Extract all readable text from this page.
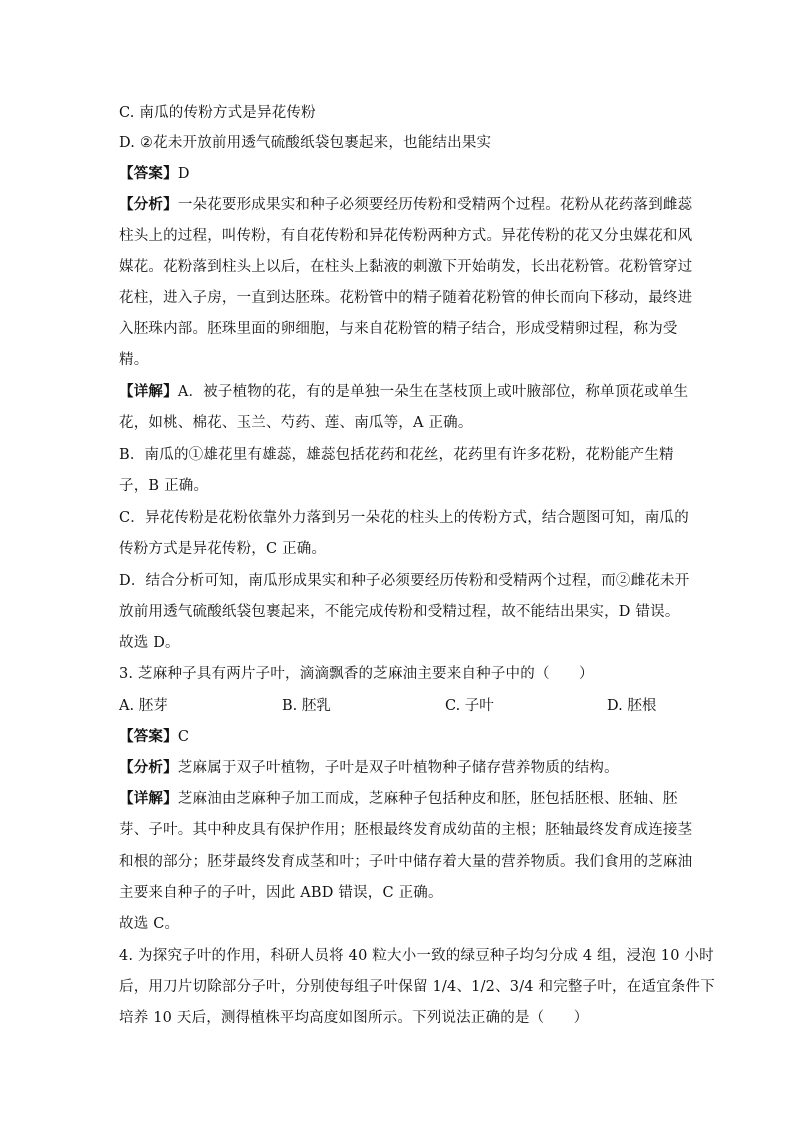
C. 南瓜的传粉方式是异花传粉
D. ②花未开放前用透气硫酸纸袋包裹起来，也能结出果实
【答案】D
【分析】一朵花要形成果实和种子必须要经历传粉和受精两个过程。花粉从花药落到雌蕊
柱头上的过程，叫传粉，有自花传粉和异花传粉两种方式。异花传粉的花又分虫媒花和风
媒花。花粉落到柱头上以后，在柱头上黏液的刺激下开始萌发，长出花粉管。花粉管穿过
花柱，进入子房，一直到达胚珠。花粉管中的精子随着花粉管的伸长而向下移动，最终进
入胚珠内部。胚珠里面的卵细胞，与来自花粉管的精子结合，形成受精卵过程，称为受
精。
【详解】A．被子植物的花，有的是单独一朵生在茎枝顶上或叶腋部位，称单顶花或单生
花，如桃、棉花、玉兰、芍药、莲、南瓜等，A 正确。
B．南瓜的①雄花里有雄蕊，雄蕊包括花药和花丝，花药里有许多花粉，花粉能产生精
子，B 正确。
C．异花传粉是花粉依靠外力落到另一朵花的柱头上的传粉方式，结合题图可知，南瓜的
传粉方式是异花传粉，C 正确。
D．结合分析可知，南瓜形成果实和种子必须要经历传粉和受精两个过程，而②雌花未开
放前用透气硫酸纸袋包裹起来，不能完成传粉和受精过程，故不能结出果实，D 错误。
故选 D。
3. 芝麻种子具有两片子叶，滴滴飘香的芝麻油主要来自种子中的（　　）
A. 胚芽	B. 胚乳	C. 子叶	D. 胚根
【答案】C
【分析】芝麻属于双子叶植物，子叶是双子叶植物种子储存营养物质的结构。
【详解】芝麻油由芝麻种子加工而成，芝麻种子包括种皮和胚，胚包括胚根、胚轴、胚
芽、子叶。其中种皮具有保护作用；胚根最终发育成幼苗的主根；胚轴最终发育成连接茎
和根的部分；胚芽最终发育成茎和叶；子叶中储存着大量的营养物质。我们食用的芝麻油
主要来自种子的子叶，因此 ABD 错误，C 正确。
故选 C。
4. 为探究子叶的作用，科研人员将 40 粒大小一致的绿豆种子均匀分成 4 组，浸泡 10 小时
后，用刀片切除部分子叶，分别使每组子叶保留 1/4、1/2、3/4 和完整子叶，在适宜条件下
培养 10 天后，测得植株平均高度如图所示。下列说法正确的是（　　）
